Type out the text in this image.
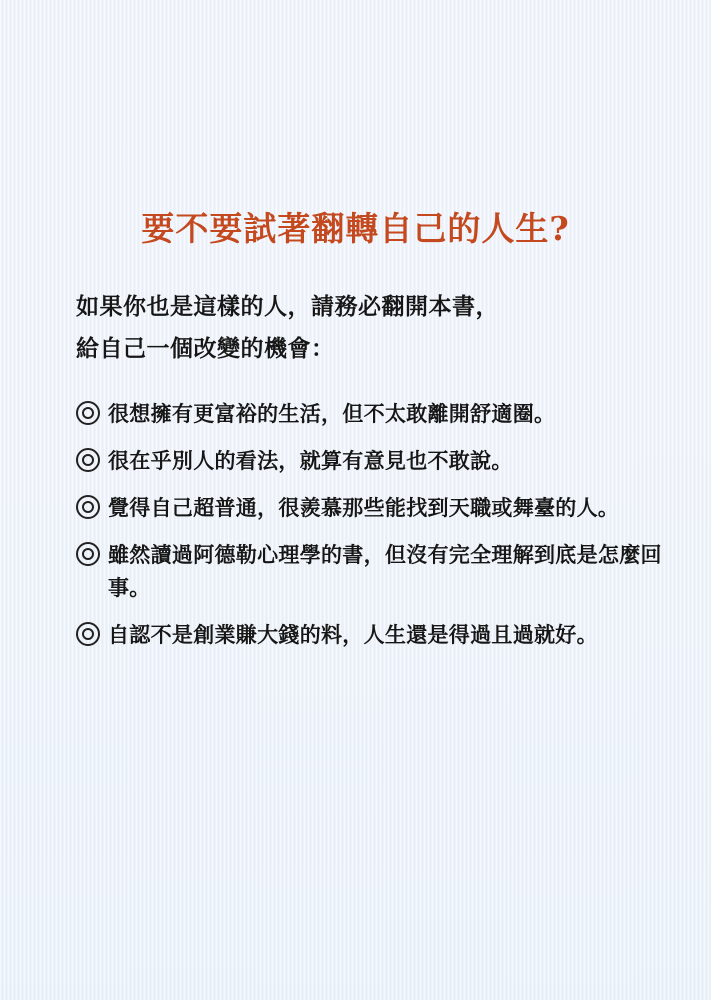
要不要試著翻轉自己的人生?
如果你也是這樣的人，請務必翻開本書，
給自己一個改變的機會：
很想擁有更富裕的生活，但不太敢離開舒適圈。
很在乎別人的看法，就算有意見也不敢說。
覺得自己超普通，很羨慕那些能找到天職或舞臺的人。
雖然讀過阿德勒心理學的書，但沒有完全理解到底是怎麼回事。
自認不是創業賺大錢的料，人生還是得過且過就好。
